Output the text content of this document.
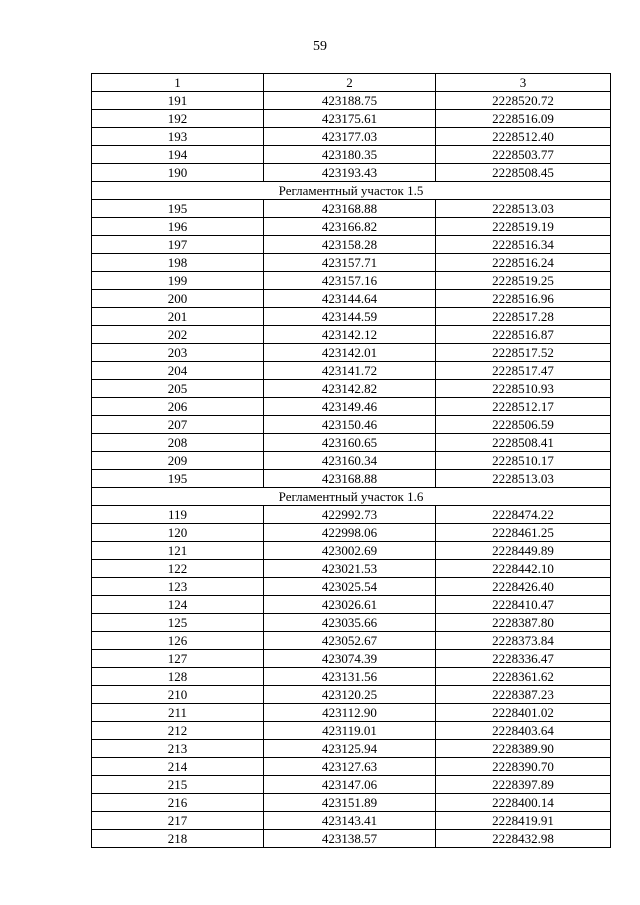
59
1	2	3
191	423188.75	2228520.72
192	423175.61	2228516.09
193	423177.03	2228512.40
194	423180.35	2228503.77
190	423193.43	2228508.45
Регламентный участок 1.5		
195	423168.88	2228513.03
196	423166.82	2228519.19
197	423158.28	2228516.34
198	423157.71	2228516.24
199	423157.16	2228519.25
200	423144.64	2228516.96
201	423144.59	2228517.28
202	423142.12	2228516.87
203	423142.01	2228517.52
204	423141.72	2228517.47
205	423142.82	2228510.93
206	423149.46	2228512.17
207	423150.46	2228506.59
208	423160.65	2228508.41
209	423160.34	2228510.17
195	423168.88	2228513.03
Регламентный участок 1.6		
119	422992.73	2228474.22
120	422998.06	2228461.25
121	423002.69	2228449.89
122	423021.53	2228442.10
123	423025.54	2228426.40
124	423026.61	2228410.47
125	423035.66	2228387.80
126	423052.67	2228373.84
127	423074.39	2228336.47
128	423131.56	2228361.62
210	423120.25	2228387.23
211	423112.90	2228401.02
212	423119.01	2228403.64
213	423125.94	2228389.90
214	423127.63	2228390.70
215	423147.06	2228397.89
216	423151.89	2228400.14
217	423143.41	2228419.91
218	423138.57	2228432.98
